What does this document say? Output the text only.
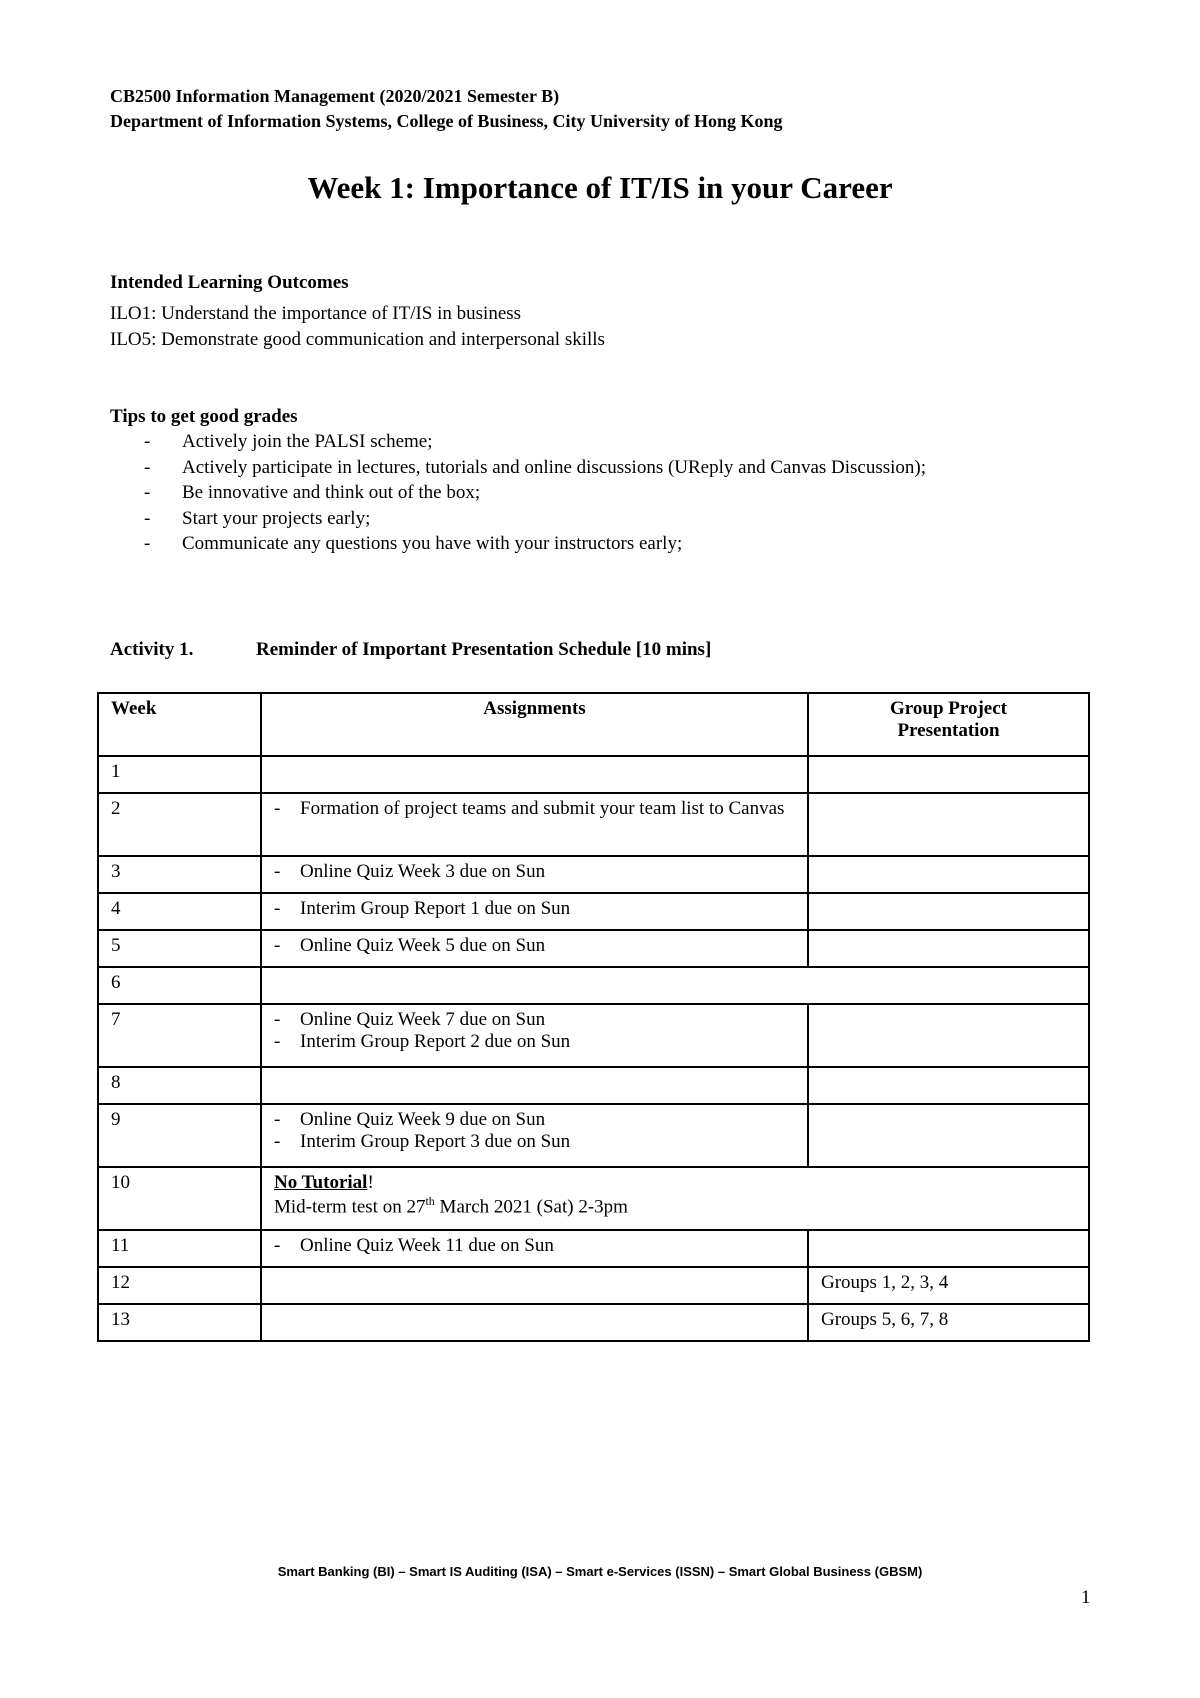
CB2500 Information Management (2020/2021 Semester B)
Department of Information Systems, College of Business, City University of Hong Kong
Week 1: Importance of IT/IS in your Career
Intended Learning Outcomes
ILO1: Understand the importance of IT/IS in business
ILO5: Demonstrate good communication and interpersonal skills
Tips to get good grades
- Actively join the PALSI scheme;
- Actively participate in lectures, tutorials and online discussions (UReply and Canvas Discussion);
- Be innovative and think out of the box;
- Start your projects early;
- Communicate any questions you have with your instructors early;
Activity 1.	Reminder of Important Presentation Schedule [10 mins]
Week	Assignments	Group Project
Presentation
1		
2	- Formation of project teams and submit your team list to Canvas	

3	- Online Quiz Week 3 due on Sun	

4	- Interim Group Report 1 due on Sun	

5	- Online Quiz Week 5 due on Sun	

6		
7	- Online Quiz Week 7 due on Sun
- Interim Group Report 2 due on Sun	

8		
9	- Online Quiz Week 9 due on Sun
- Interim Group Report 3 due on Sun	

10	No Tutorial!
Mid-term test on 27th March 2021 (Sat) 2-3pm	

11	- Online Quiz Week 11 due on Sun	

12		Groups 1, 2, 3, 4
13		Groups 5, 6, 7, 8
Smart Banking (BI) – Smart IS Auditing (ISA) – Smart e-Services (ISSN) – Smart Global Business (GBSM)
1
